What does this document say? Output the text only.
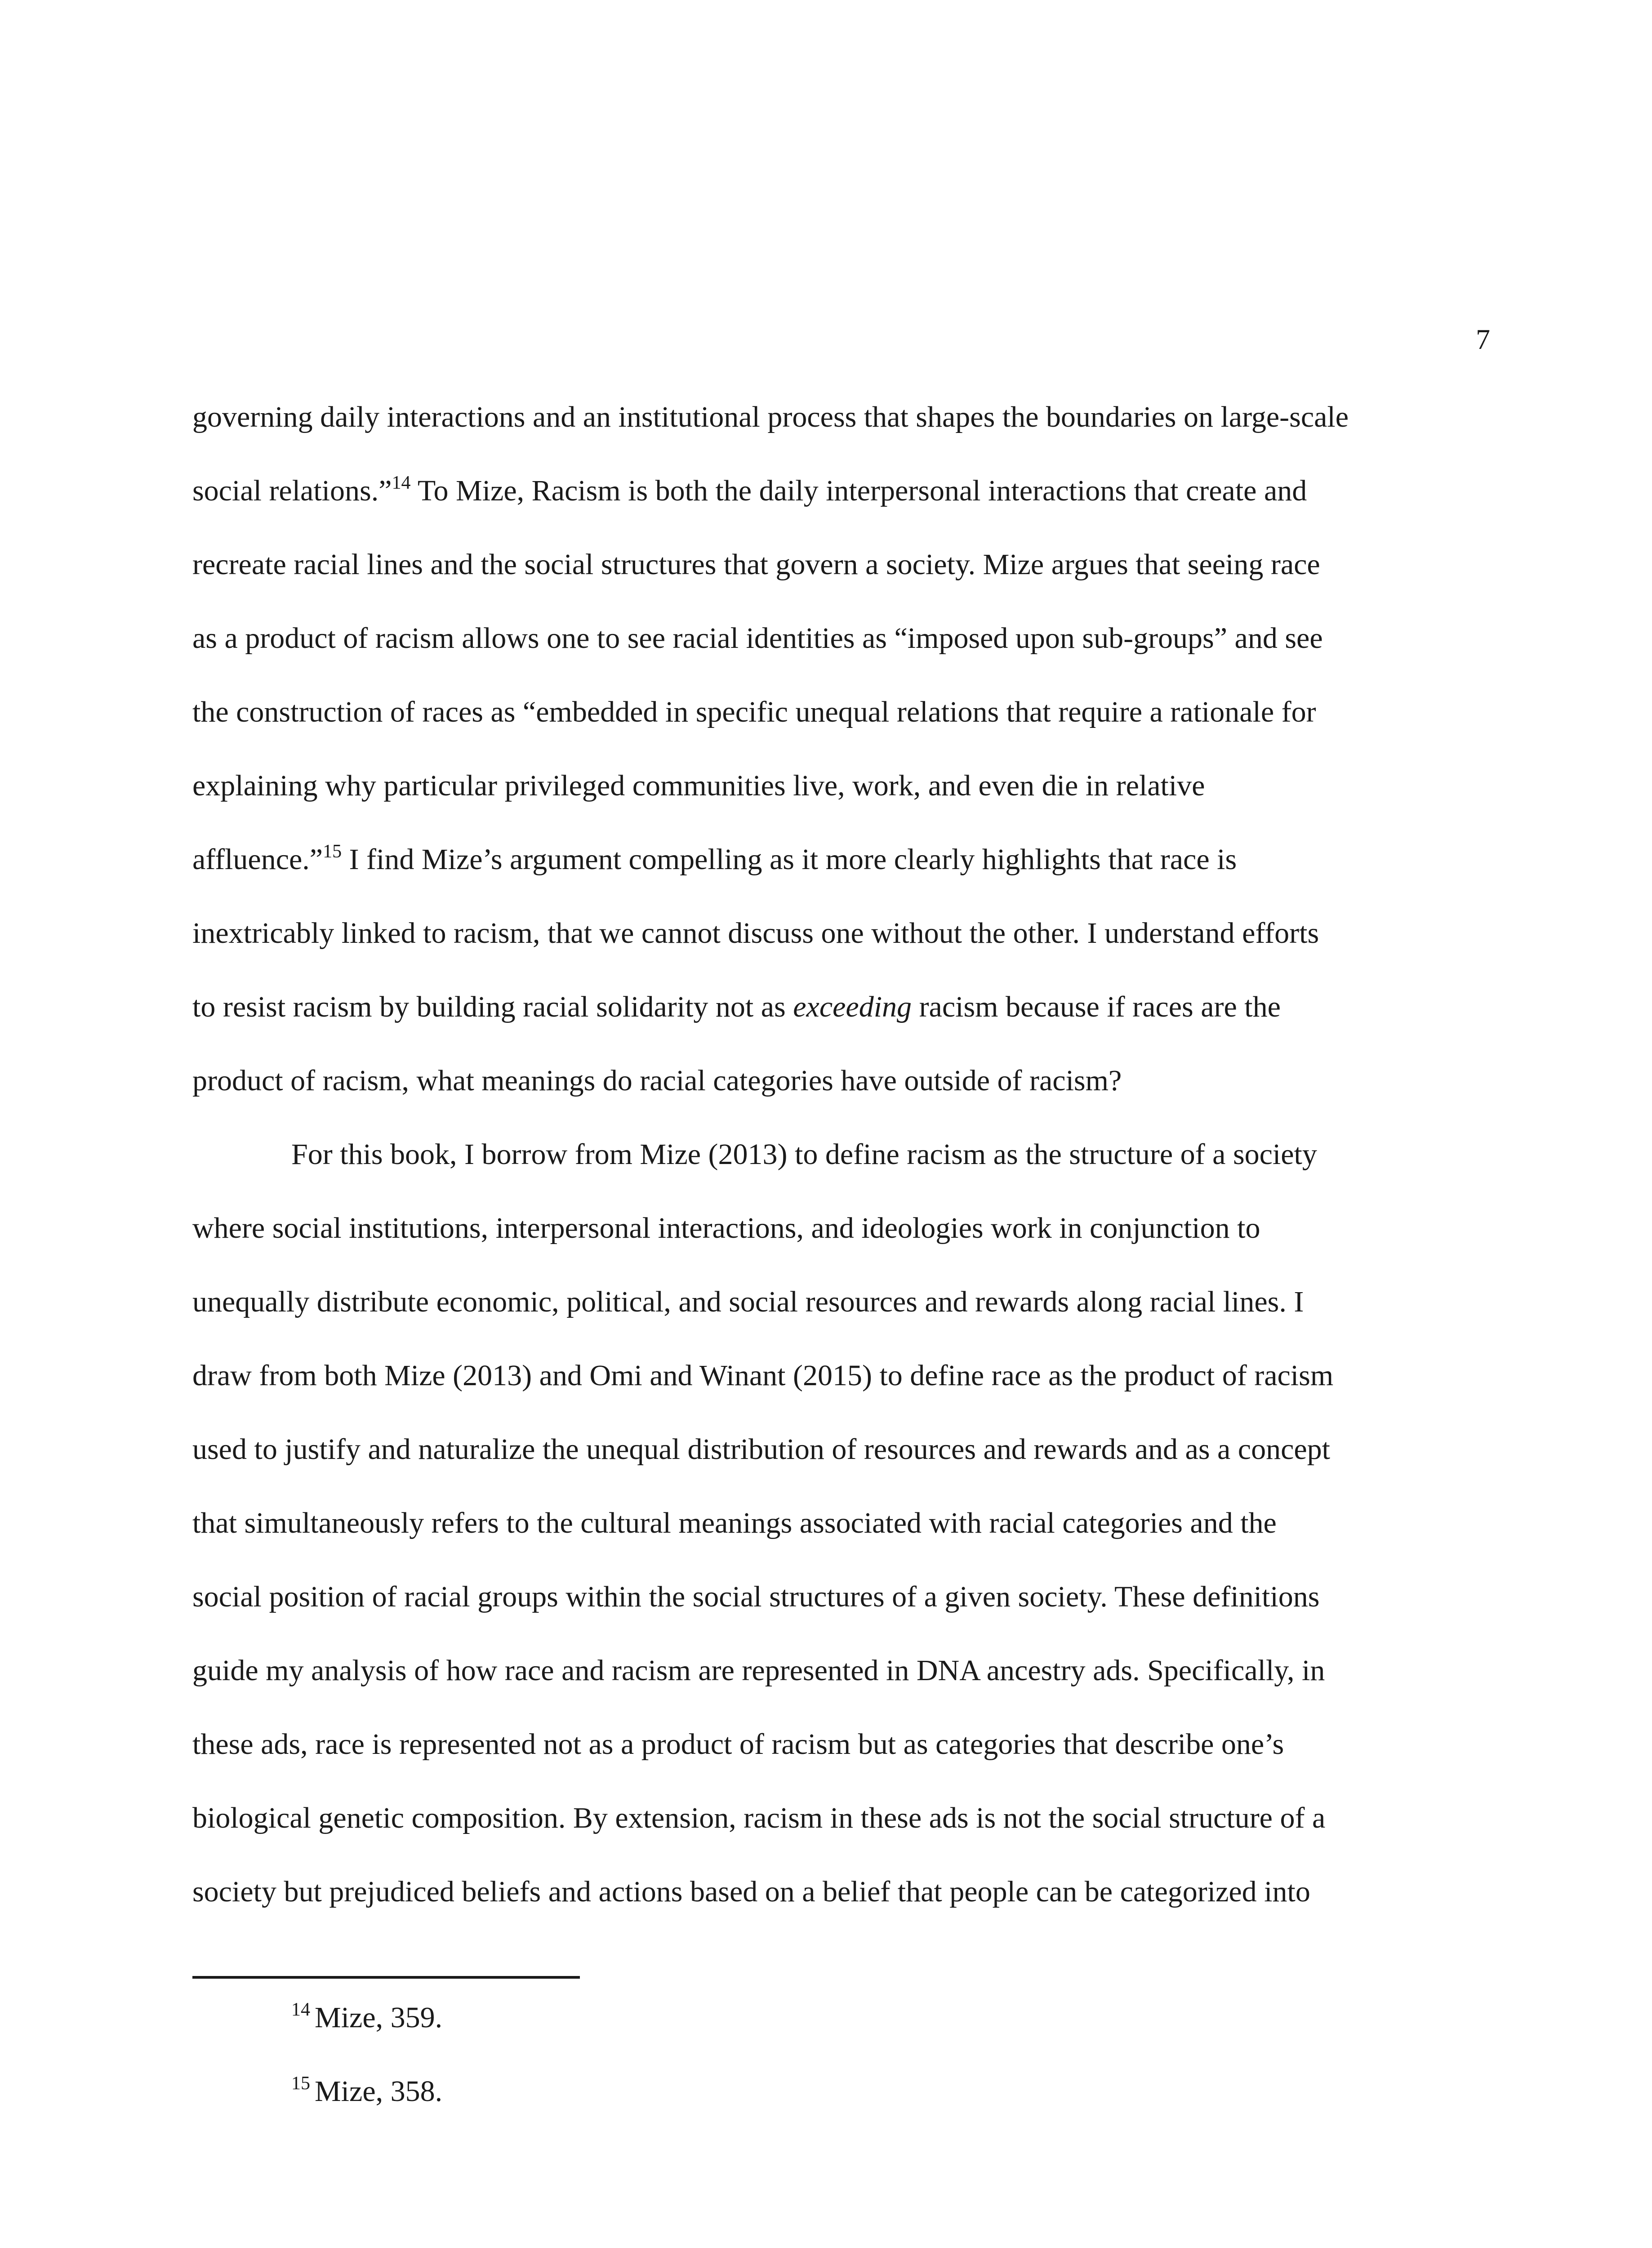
7
governing daily interactions and an institutional process that shapes the boundaries on large-scale
social relations.”$^{14}$ To Mize, Racism is both the daily interpersonal interactions that create and
recreate racial lines and the social structures that govern a society. Mize argues that seeing race
as a product of racism allows one to see racial identities as “imposed upon sub-groups” and see
the construction of races as “embedded in specific unequal relations that require a rationale for
explaining why particular privileged communities live, work, and even die in relative
affluence.”$^{15}$ I find Mize’s argument compelling as it more clearly highlights that race is
inextricably linked to racism, that we cannot discuss one without the other. I understand efforts
to resist racism by building racial solidarity not as exceeding racism because if races are the
product of racism, what meanings do racial categories have outside of racism?
For this book, I borrow from Mize (2013) to define racism as the structure of a society
where social institutions, interpersonal interactions, and ideologies work in conjunction to
unequally distribute economic, political, and social resources and rewards along racial lines. I
draw from both Mize (2013) and Omi and Winant (2015) to define race as the product of racism
used to justify and naturalize the unequal distribution of resources and rewards and as a concept
that simultaneously refers to the cultural meanings associated with racial categories and the
social position of racial groups within the social structures of a given society. These definitions
guide my analysis of how race and racism are represented in DNA ancestry ads. Specifically, in
these ads, race is represented not as a product of racism but as categories that describe one’s
biological genetic composition. By extension, racism in these ads is not the social structure of a
society but prejudiced beliefs and actions based on a belief that people can be categorized into
$^{14}$ Mize, 359.
$^{15}$ Mize, 358.
